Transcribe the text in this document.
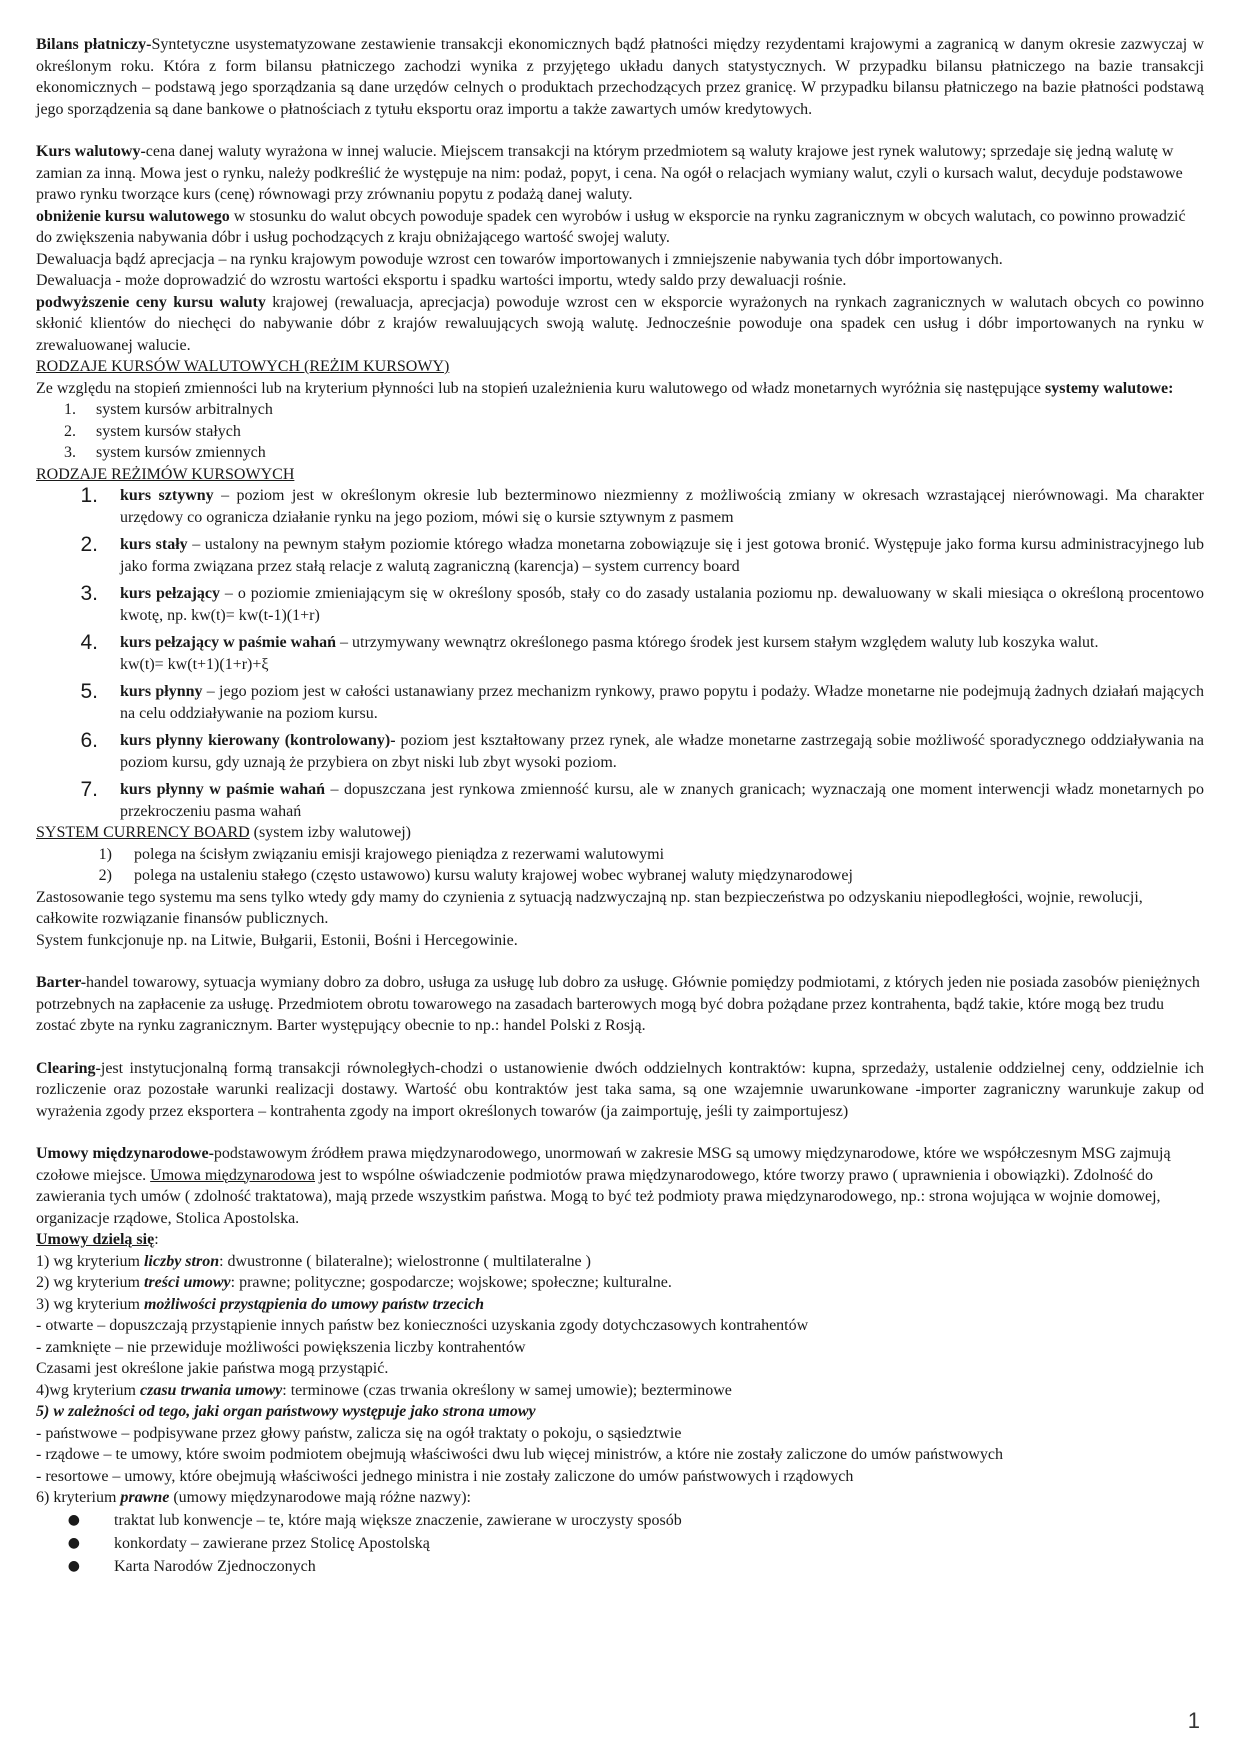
Bilans płatniczy-Syntetyczne usystematyzowane zestawienie transakcji ekonomicznych bądź płatności między rezydentami krajowymi a zagranicą w danym okresie zazwyczaj w określonym roku. Która z form bilansu płatniczego zachodzi wynika z przyjętego układu danych statystycznych. W przypadku bilansu płatniczego na bazie transakcji ekonomicznych – podstawą jego sporządzania są dane urzędów celnych o produktach przechodzących przez granicę. W przypadku bilansu płatniczego na bazie płatności podstawą jego sporządzenia są dane bankowe o płatnościach z tytułu eksportu oraz importu a także zawartych umów kredytowych.

Kurs walutowy-cena danej waluty wyrażona w innej walucie. Miejscem transakcji na którym przedmiotem są waluty krajowe jest rynek walutowy; sprzedaje się jedną walutę w zamian za inną. Mowa jest o rynku, należy podkreślić że występuje na nim: podaż, popyt, i cena. Na ogół o relacjach wymiany walut, czyli o kursach walut, decyduje podstawowe prawo rynku tworzące kurs (cenę) równowagi przy zrównaniu popytu z podażą danej waluty.

obniżenie kursu walutowego w stosunku do walut obcych powoduje spadek cen wyrobów i usług w eksporcie na rynku zagranicznym w obcych walutach, co powinno prowadzić do zwiększenia nabywania dóbr i usług pochodzących z kraju obniżającego wartość swojej waluty.

Dewaluacja bądź aprecjacja – na rynku krajowym powoduje wzrost cen towarów importowanych i zmniejszenie nabywania tych dóbr importowanych.

Dewaluacja - może doprowadzić do wzrostu wartości eksportu i spadku wartości importu, wtedy saldo przy dewaluacji rośnie.

podwyższenie ceny kursu waluty krajowej (rewaluacja, aprecjacja) powoduje wzrost cen w eksporcie wyrażonych na rynkach zagranicznych w walutach obcych co powinno skłonić klientów do niechęci do nabywanie dóbr z krajów rewaluujących swoją walutę. Jednocześnie powoduje ona spadek cen usług i dóbr importowanych na rynku w zrewaluowanej walucie.

RODZAJE KURSÓW WALUTOWYCH (REŻIM KURSOWY)

Ze względu na stopień zmienności lub na kryterium płynności lub na stopień uzależnienia kuru walutowego od władz monetarnych wyróżnia się następujące systemy walutowe:

1.	system kursów arbitralnych
2.	system kursów stałych
3.	system kursów zmiennych

RODZAJE REŻIMÓW KURSOWYCH

1.	kurs sztywny – poziom jest w określonym okresie lub bezterminowo niezmienny z możliwością zmiany w okresach wzrastającej nierównowagi. Ma charakter urzędowy co ogranicza działanie rynku na jego poziom, mówi się o kursie sztywnym z pasmem
2.	kurs stały – ustalony na pewnym stałym poziomie którego władza monetarna zobowiązuje się i jest gotowa bronić. Występuje jako forma kursu administracyjnego lub jako forma związana przez stałą relacje z walutą zagraniczną (karencja) – system currency board
3.	kurs pełzający – o poziomie zmieniającym się w określony sposób, stały co do zasady ustalania poziomu np. dewaluowany w skali miesiąca o określoną procentowo kwotę, np. kw(t)= kw(t-1)(1+r)
4.	kurs pełzający w paśmie wahań – utrzymywany wewnątrz określonego pasma którego środek jest kursem stałym względem waluty lub koszyka walut.
kw(t)= kw(t+1)(1+r)+ξ
5.	kurs płynny – jego poziom jest w całości ustanawiany przez mechanizm rynkowy, prawo popytu i podaży. Władze monetarne nie podejmują żadnych działań mających na celu oddziaływanie na poziom kursu.
6.	kurs płynny kierowany (kontrolowany)- poziom jest kształtowany przez rynek, ale władze monetarne zastrzegają sobie możliwość sporadycznego oddziaływania na poziom kursu, gdy uznają że przybiera on zbyt niski lub zbyt wysoki poziom.
7.	kurs płynny w paśmie wahań – dopuszczana jest rynkowa zmienność kursu, ale w znanych granicach; wyznaczają one moment interwencji władz monetarnych po przekroczeniu pasma wahań

SYSTEM CURRENCY BOARD (system izby walutowej)

1)	polega na ścisłym związaniu emisji krajowego pieniądza z rezerwami walutowymi
2)	polega na ustaleniu stałego (często ustawowo) kursu waluty krajowej wobec wybranej waluty międzynarodowej

Zastosowanie tego systemu ma sens tylko wtedy gdy mamy do czynienia z sytuacją nadzwyczajną np. stan bezpieczeństwa po odzyskaniu niepodległości, wojnie, rewolucji, całkowite rozwiązanie finansów publicznych.

System funkcjonuje np. na Litwie, Bułgarii, Estonii, Bośni i Hercegowinie.

Barter-handel towarowy, sytuacja wymiany dobro za dobro, usługa za usługę lub dobro za usługę. Głównie pomiędzy podmiotami, z których jeden nie posiada zasobów pieniężnych potrzebnych na zapłacenie za usługę. Przedmiotem obrotu towarowego na zasadach barterowych mogą być dobra pożądane przez kontrahenta, bądź takie, które mogą bez trudu zostać zbyte na rynku zagranicznym. Barter występujący obecnie to np.: handel Polski z Rosją.

Clearing-jest instytucjonalną formą transakcji równoległych-chodzi o ustanowienie dwóch oddzielnych kontraktów: kupna, sprzedaży, ustalenie oddzielnej ceny, oddzielnie ich rozliczenie oraz pozostałe warunki realizacji dostawy. Wartość obu kontraktów jest taka sama, są one wzajemnie uwarunkowane -importer zagraniczny warunkuje zakup od wyrażenia zgody przez eksportera – kontrahenta zgody na import określonych towarów (ja zaimportuję, jeśli ty zaimportujesz)

Umowy międzynarodowe-podstawowym źródłem prawa międzynarodowego, unormowań w zakresie MSG są umowy międzynarodowe, które we współczesnym MSG zajmują czołowe miejsce. Umowa międzynarodowa jest to wspólne oświadczenie podmiotów prawa międzynarodowego, które tworzy prawo ( uprawnienia i obowiązki). Zdolność do zawierania tych umów ( zdolność traktatowa), mają przede wszystkim państwa. Mogą to być też podmioty prawa międzynarodowego, np.: strona wojująca w wojnie domowej, organizacje rządowe, Stolica Apostolska.

Umowy dzielą się:

1) wg kryterium liczby stron: dwustronne ( bilateralne); wielostronne ( multilateralne )

2) wg kryterium treści umowy: prawne; polityczne; gospodarcze; wojskowe; społeczne; kulturalne.

3) wg kryterium możliwości przystąpienia do umowy państw trzecich

- otwarte – dopuszczają przystąpienie innych państw bez konieczności uzyskania zgody dotychczasowych kontrahentów

- zamknięte – nie przewiduje możliwości powiększenia liczby kontrahentów

Czasami jest określone jakie państwa mogą przystąpić.

4)wg kryterium czasu trwania umowy: terminowe (czas trwania określony w samej umowie); bezterminowe

5) w zależności od tego, jaki organ państwowy występuje jako strona umowy

- państwowe – podpisywane przez głowy państw, zalicza się na ogół traktaty o pokoju, o sąsiedztwie

- rządowe – te umowy, które swoim podmiotem obejmują właściwości dwu lub więcej ministrów, a które nie zostały zaliczone do umów państwowych

- resortowe – umowy, które obejmują właściwości jednego ministra i nie zostały zaliczone do umów państwowych i rządowych

6) kryterium prawne (umowy międzynarodowe mają różne nazwy):

●	traktat lub konwencje – te, które mają większe znaczenie, zawierane w uroczysty sposób
●	konkordaty – zawierane przez Stolicę Apostolską
●	Karta Narodów Zjednoczonych
1
